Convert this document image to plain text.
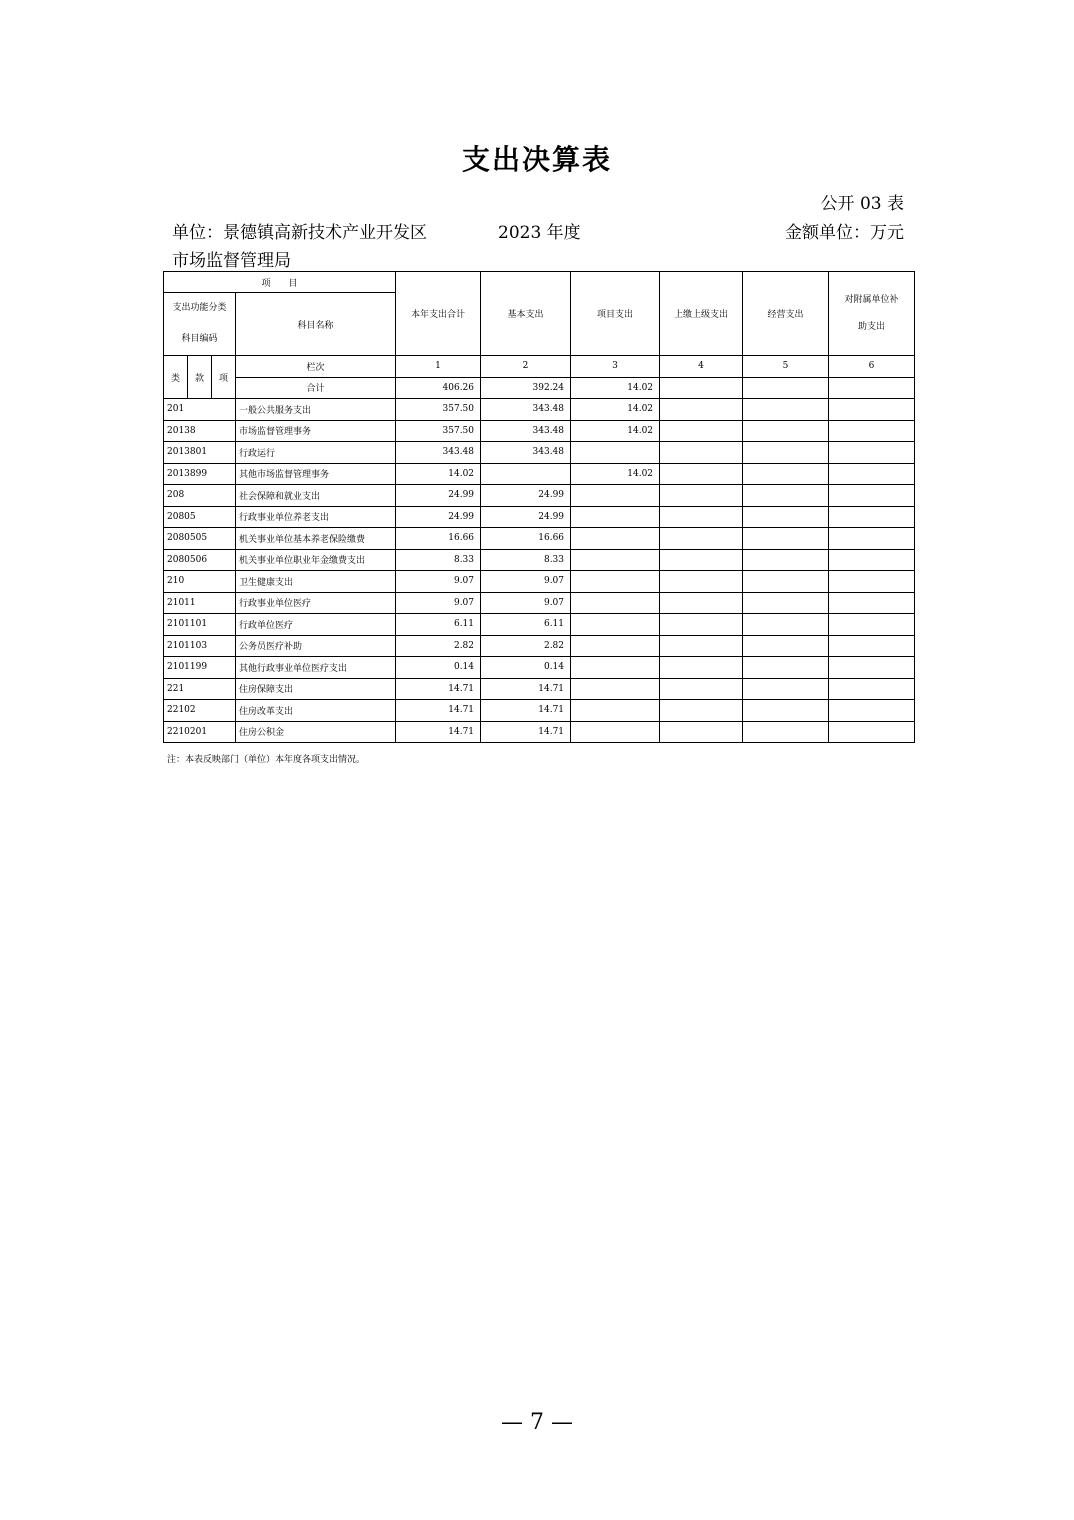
支出决算表
公开 03 表
单位：景德镇高新技术产业开发区	2023 年度	金额单位：万元
市场监督管理局
项　　目				本年支出合计	基本支出	项目支出	上缴上级支出	经营支出	对附属单位补
助支出

支出功能分类
科目编码			科目名称						
类	款	项	栏次	1	2	3	4	5	6
			合计	406.26	392.24	14.02			
201			一般公共服务支出	357.50	343.48	14.02			
20138			市场监督管理事务	357.50	343.48	14.02			
2013801			行政运行	343.48	343.48				
2013899			其他市场监督管理事务	14.02		14.02			
208			社会保障和就业支出	24.99	24.99				
20805			行政事业单位养老支出	24.99	24.99				
2080505			机关事业单位基本养老保险缴费	16.66	16.66				
2080506			机关事业单位职业年金缴费支出	8.33	8.33				
210			卫生健康支出	9.07	9.07				
21011			行政事业单位医疗	9.07	9.07				
2101101			行政单位医疗	6.11	6.11				
2101103			公务员医疗补助	2.82	2.82				
2101199			其他行政事业单位医疗支出	0.14	0.14				
221			住房保障支出	14.71	14.71				
22102			住房改革支出	14.71	14.71				
2210201			住房公积金	14.71	14.71				
注：本表反映部门（单位）本年度各项支出情况。
— 7 —
